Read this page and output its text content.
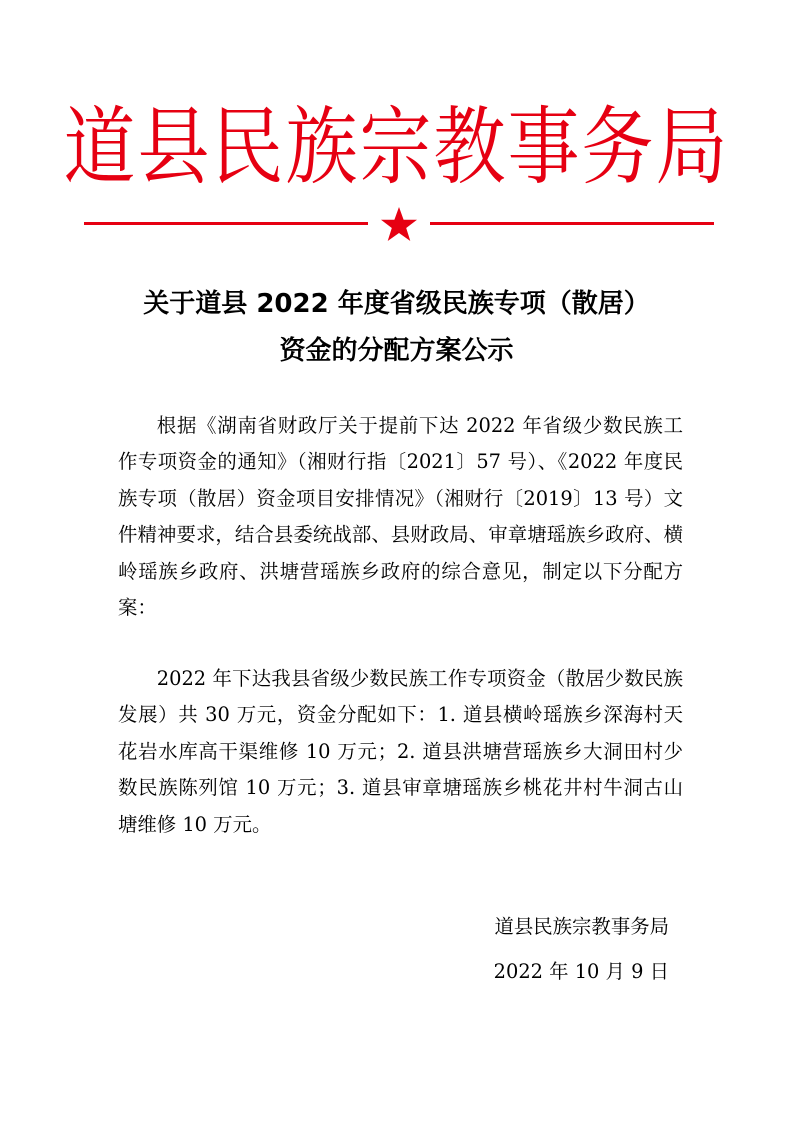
道县民族宗教事务局
关于道县 2022 年度省级民族专项（散居）
资金的分配方案公示

根据《湖南省财政厅关于提前下达 2022 年省级少数民族工作专项资金的通知》（湘财行指〔2021〕57 号）、《2022 年度民族专项（散居）资金项目安排情况》（湘财行〔2019〕13 号）文件精神要求，结合县委统战部、县财政局、审章塘瑶族乡政府、横岭瑶族乡政府、洪塘营瑶族乡政府的综合意见，制定以下分配方案：

2022 年下达我县省级少数民族工作专项资金（散居少数民族发展）共 30 万元，资金分配如下：1. 道县横岭瑶族乡深海村天花岩水库高干渠维修 10 万元；2. 道县洪塘营瑶族乡大洞田村少数民族陈列馆 10 万元；3. 道县审章塘瑶族乡桃花井村牛洞古山塘维修 10 万元。

道县民族宗教事务局
2022 年 10 月 9 日
